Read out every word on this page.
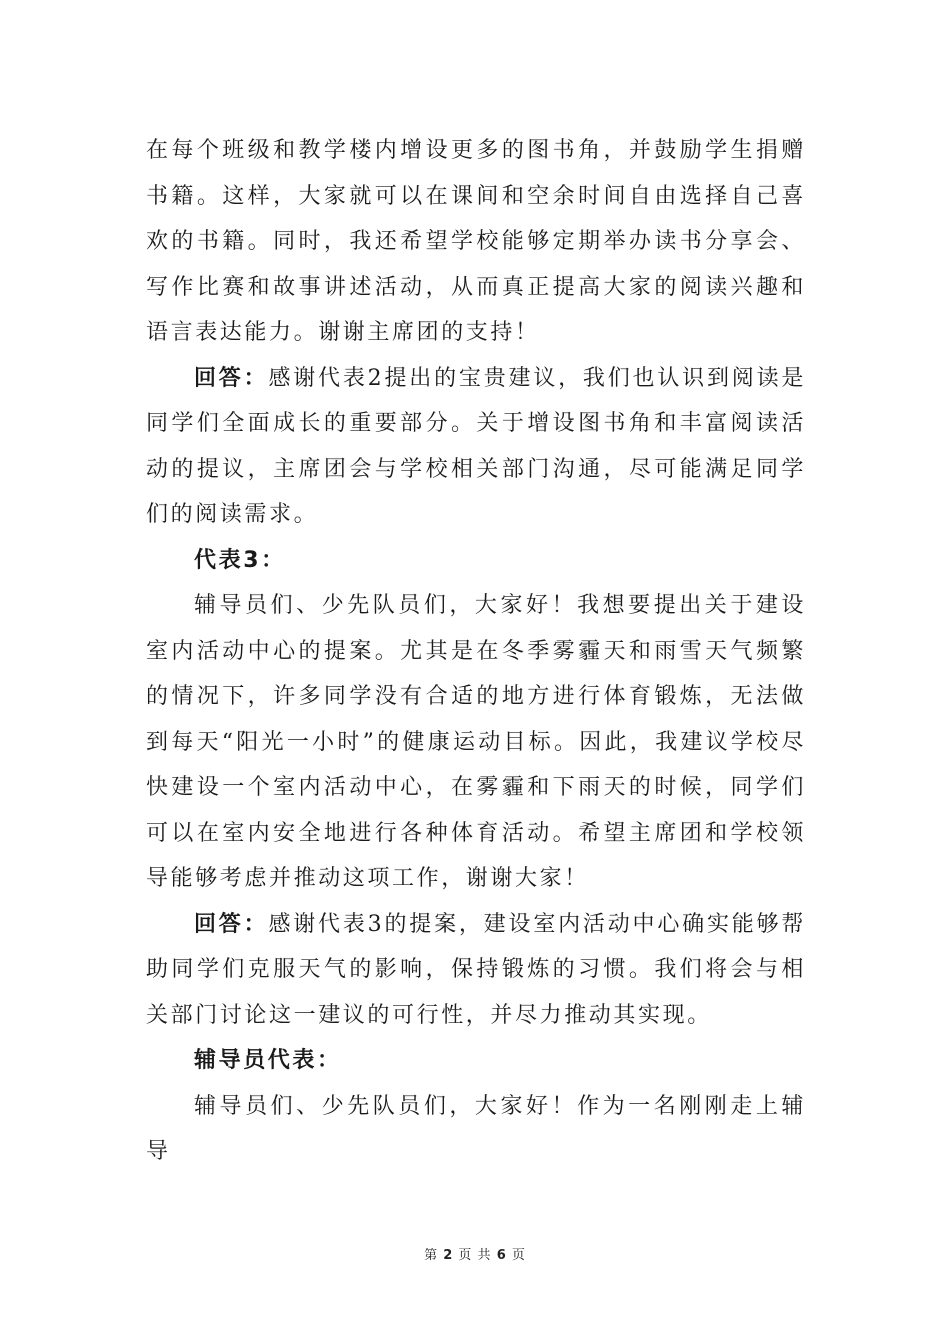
在每个班级和教学楼内增设更多的图书角，并鼓励学生捐赠书籍。这样，大家就可以在课间和空余时间自由选择自己喜欢的书籍。同时，我还希望学校能够定期举办读书分享会、写作比赛和故事讲述活动，从而真正提高大家的阅读兴趣和语言表达能力。谢谢主席团的支持！

回答：感谢代表2提出的宝贵建议，我们也认识到阅读是同学们全面成长的重要部分。关于增设图书角和丰富阅读活动的提议，主席团会与学校相关部门沟通，尽可能满足同学们的阅读需求。

代表3：

辅导员们、少先队员们，大家好！我想要提出关于建设室内活动中心的提案。尤其是在冬季雾霾天和雨雪天气频繁的情况下，许多同学没有合适的地方进行体育锻炼，无法做到每天“阳光一小时”的健康运动目标。因此，我建议学校尽快建设一个室内活动中心，在雾霾和下雨天的时候，同学们可以在室内安全地进行各种体育活动。希望主席团和学校领导能够考虑并推动这项工作，谢谢大家！

回答：感谢代表3的提案，建设室内活动中心确实能够帮助同学们克服天气的影响，保持锻炼的习惯。我们将会与相关部门讨论这一建议的可行性，并尽力推动其实现。

辅导员代表：

辅导员们、少先队员们，大家好！作为一名刚刚走上辅导

第 2 页 共 6 页
